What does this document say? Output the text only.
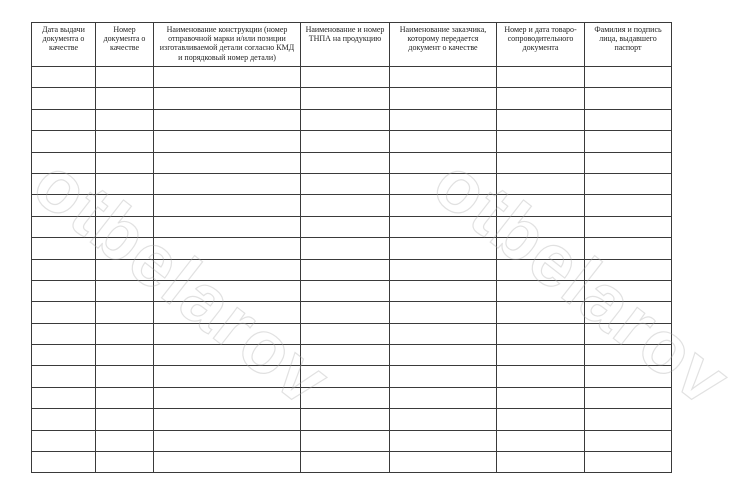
Дата выдачи документа о качестве	Номер документа о качестве	Наименование конструкции (номер отправочной марки и/или позиции изготавливаемой детали согласно КМД и порядковый номер детали)	Наименование и номер ТНПА на продукцию	Наименование заказчика, которому передается документ о качестве	Номер и дата товаро-сопроводительного документа	Фамилия и подпись лица, выдавшего паспорт

otbelarov otbelarov
